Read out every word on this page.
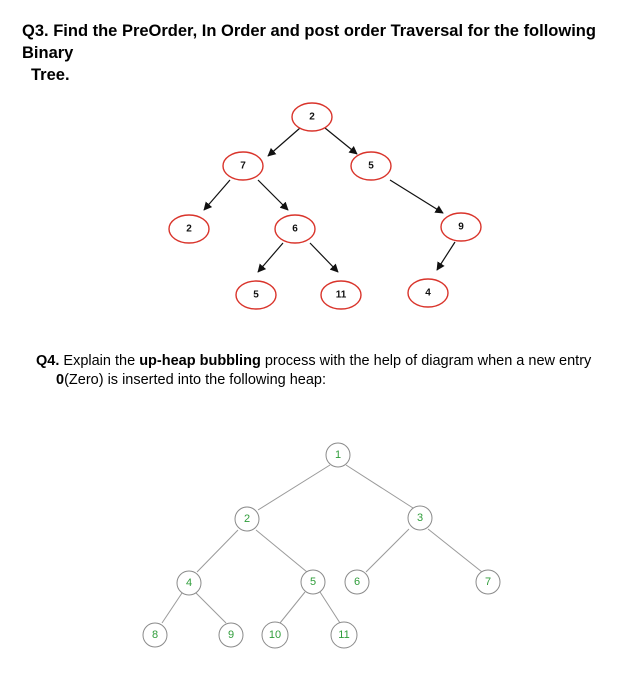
Q3. Find the PreOrder, In Order and post order Traversal for the following Binary
Tree.
2
7	5
2	6	9
5	11	4
1
2	3
4	5	6	7
8	9	10	11
Q4. Explain the up-heap bubbling process with the help of diagram when a new entry
0(Zero) is inserted into the following heap:
